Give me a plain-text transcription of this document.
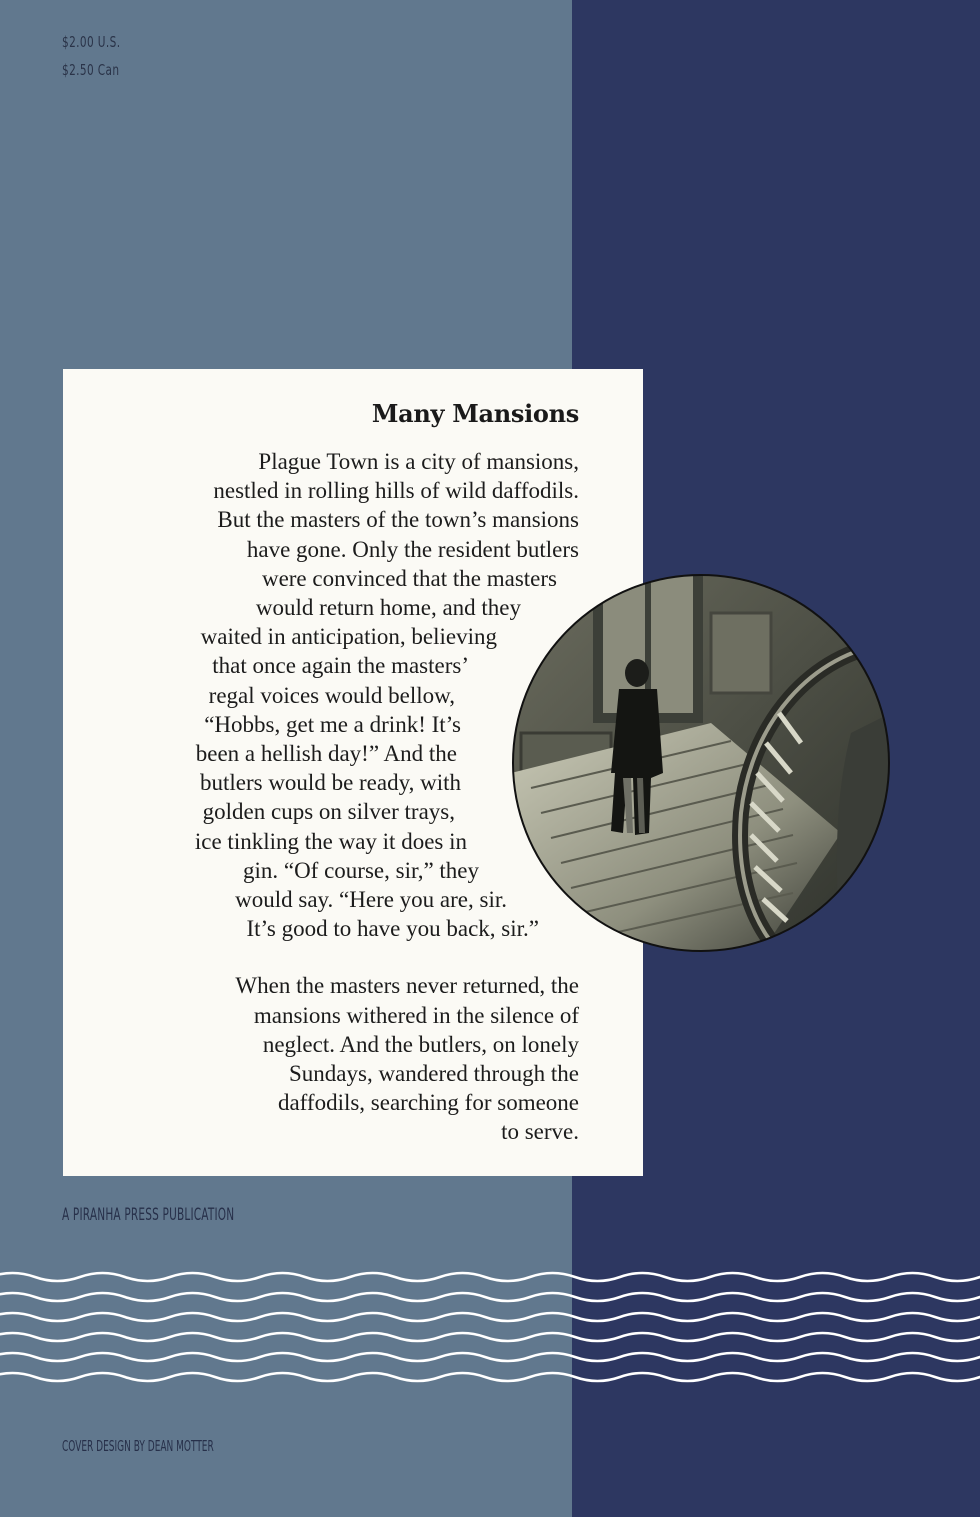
$2.00 U.S.
$2.50 Can
Many Mansions
Plague Town is a city of mansions,
nestled in rolling hills of wild daffodils.
But the masters of the town’s mansions
have gone. Only the resident butlers
were convinced that the masters
would return home, and they
waited in anticipation, believing
that once again the masters’
regal voices would bellow,
“Hobbs, get me a drink! It’s
been a hellish day!” And the
butlers would be ready, with
golden cups on silver trays,
ice tinkling the way it does in
gin. “Of course, sir,” they
would say. “Here you are, sir.
It’s good to have you back, sir.”
When the masters never returned, the
mansions withered in the silence of
neglect. And the butlers, on lonely
Sundays, wandered through the
daffodils, searching for someone
to serve.
A PIRANHA PRESS PUBLICATION
COVER DESIGN BY DEAN MOTTER
